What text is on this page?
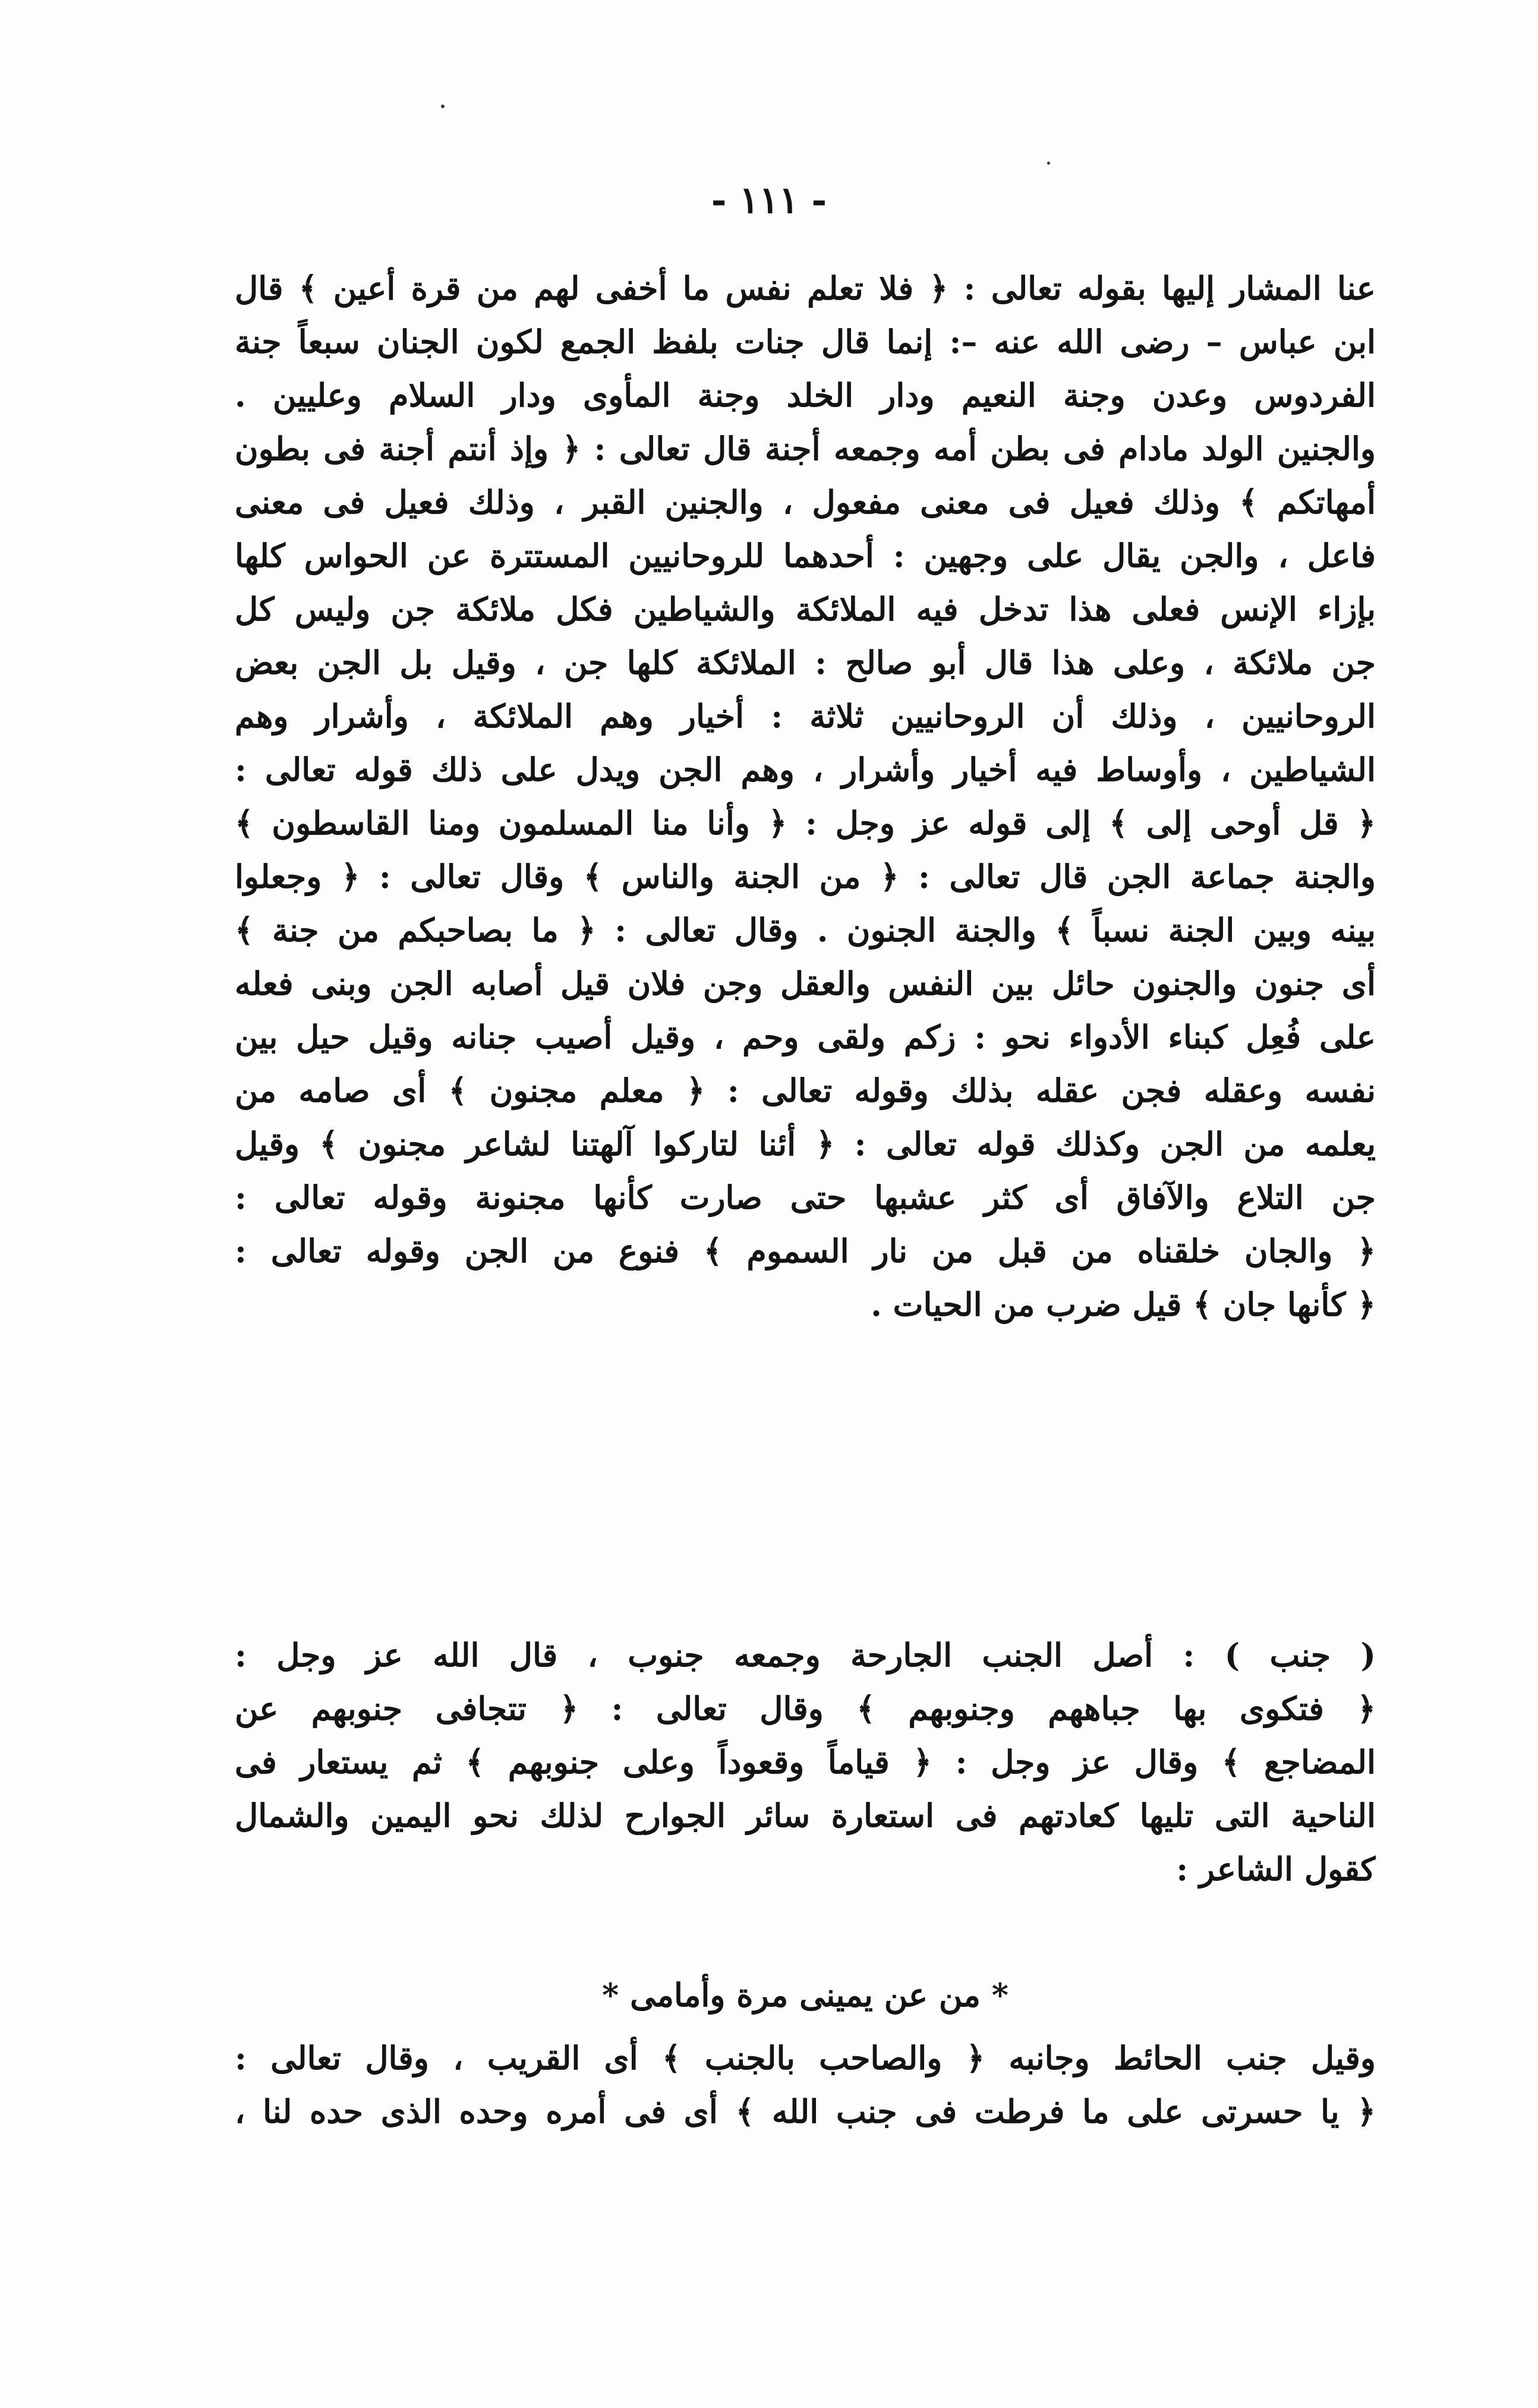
- ١١١ -
عنا المشار إليها بقوله تعالى : ﴿ فلا تعلم نفس ما أخفى لهم من قرة أعين ﴾ قال
ابن عباس – رضى الله عنه –: إنما قال جنات بلفظ الجمع لكون الجنان سبعاً جنة
الفردوس وعدن وجنة النعيم ودار الخلد وجنة المأوى ودار السلام وعليين .
والجنين الولد مادام فى بطن أمه وجمعه أجنة قال تعالى : ﴿ وإذ أنتم أجنة فى بطون
أمهاتكم ﴾ وذلك فعيل فى معنى مفعول ، والجنين القبر ، وذلك فعيل فى معنى
فاعل ، والجن يقال على وجهين : أحدهما للروحانيين المستترة عن الحواس كلها
بإزاء الإنس فعلى هذا تدخل فيه الملائكة والشياطين فكل ملائكة جن وليس كل
جن ملائكة ، وعلى هذا قال أبو صالح : الملائكة كلها جن ، وقيل بل الجن بعض
الروحانيين ، وذلك أن الروحانيين ثلاثة : أخيار وهم الملائكة ، وأشرار وهم
الشياطين ، وأوساط فيه أخيار وأشرار ، وهم الجن ويدل على ذلك قوله تعالى :
﴿ قل أوحى إلى ﴾ إلى قوله عز وجل : ﴿ وأنا منا المسلمون ومنا القاسطون ﴾
والجنة جماعة الجن قال تعالى : ﴿ من الجنة والناس ﴾ وقال تعالى : ﴿ وجعلوا
بينه وبين الجنة نسباً ﴾ والجنة الجنون . وقال تعالى : ﴿ ما بصاحبكم من جنة ﴾
أى جنون والجنون حائل بين النفس والعقل وجن فلان قيل أصابه الجن وبنى فعله
على فُعِل كبناء الأدواء نحو : زكم ولقى وحم ، وقيل أصيب جنانه وقيل حيل بين
نفسه وعقله فجن عقله بذلك وقوله تعالى : ﴿ معلم مجنون ﴾ أى صامه من
يعلمه من الجن وكذلك قوله تعالى : ﴿ أئنا لتاركوا آلهتنا لشاعر مجنون ﴾ وقيل
جن التلاع والآفاق أى كثر عشبها حتى صارت كأنها مجنونة وقوله تعالى :
﴿ والجان خلقناه من قبل من نار السموم ﴾ فنوع من الجن وقوله تعالى :
﴿ كأنها جان ﴾ قيل ضرب من الحيات .
( جنب ) : أصل الجنب الجارحة وجمعه جنوب ، قال الله عز وجل :
﴿ فتكوى بها جباههم وجنوبهم ﴾ وقال تعالى : ﴿ تتجافى جنوبهم عن
المضاجع ﴾ وقال عز وجل : ﴿ قياماً وقعوداً وعلى جنوبهم ﴾ ثم يستعار فى
الناحية التى تليها كعادتهم فى استعارة سائر الجوارح لذلك نحو اليمين والشمال
كقول الشاعر :
* من عن يمينى مرة وأمامى *
وقيل جنب الحائط وجانبه ﴿ والصاحب بالجنب ﴾ أى القريب ، وقال تعالى :
﴿ يا حسرتى على ما فرطت فى جنب الله ﴾ أى فى أمره وحده الذى حده لنا ،
